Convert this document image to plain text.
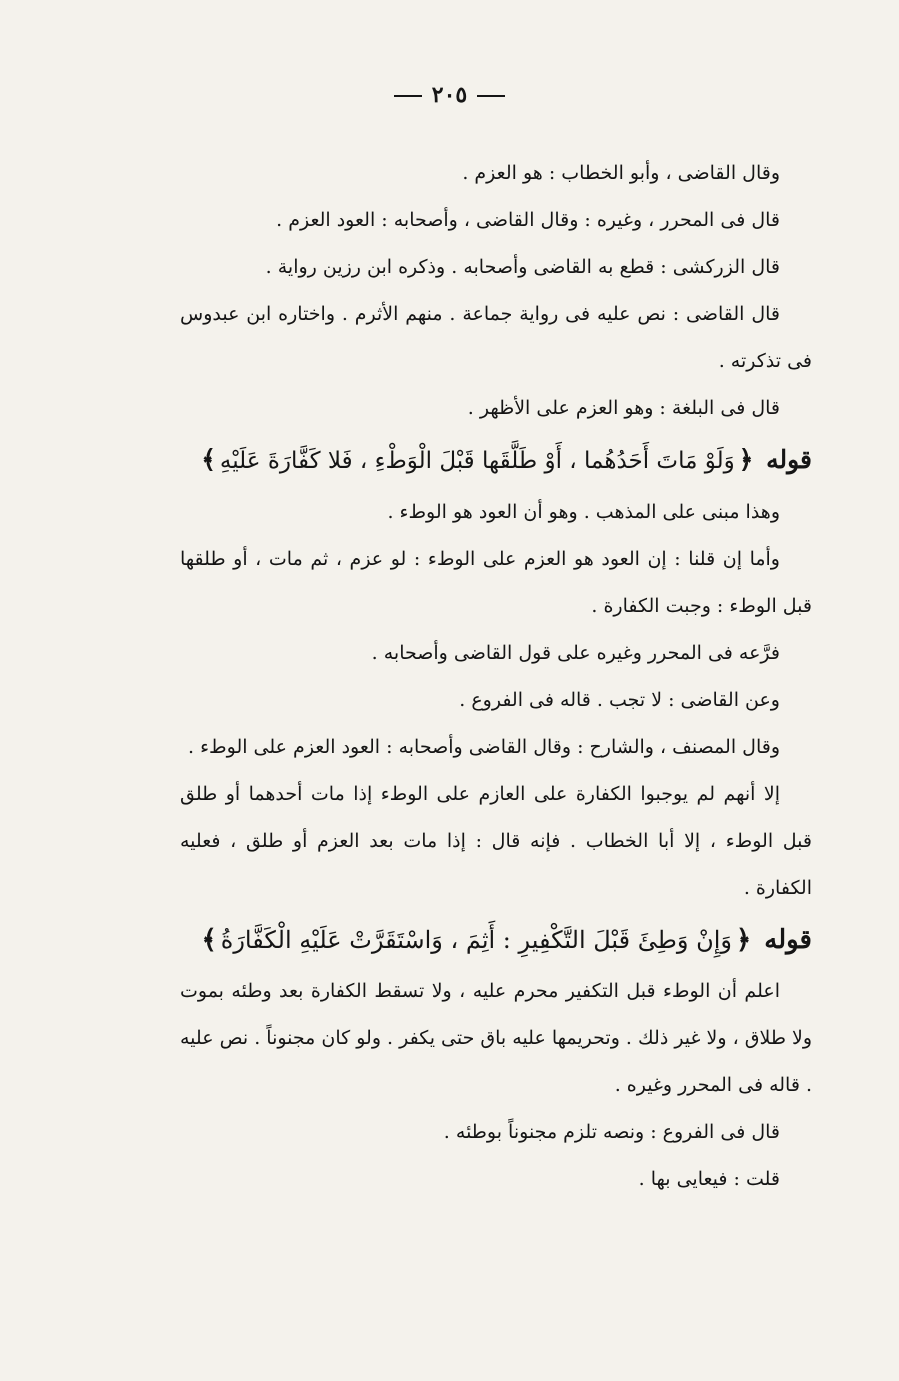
٢٠٥

وقال القاضى ، وأبو الخطاب : هو العزم .

قال فى المحرر ، وغيره : وقال القاضى ، وأصحابه : العود العزم .

قال الزركشى : قطع به القاضى وأصحابه . وذكره ابن رزين رواية .

قال القاضى : نص عليه فى رواية جماعة . منهم الأثرم . واختاره ابن عبدوس فى تذكرته .

قال فى البلغة : وهو العزم على الأظهر .

قوله ﴿وَلَوْ مَاتَ أَحَدُهُما ، أَوْ طَلَّقَها قَبْلَ الْوَطْءِ ، فَلا كَفَّارَةَ عَلَيْهِ﴾

وهذا مبنى على المذهب . وهو أن العود هو الوطء .

وأما إن قلنا : إن العود هو العزم على الوطء : لو عزم ، ثم مات ، أو طلقها قبل الوطء : وجبت الكفارة .

فرَّعه فى المحرر وغيره على قول القاضى وأصحابه .

وعن القاضى : لا تجب . قاله فى الفروع .

وقال المصنف ، والشارح : وقال القاضى وأصحابه : العود العزم على الوطء .

إلا أنهم لم يوجبوا الكفارة على العازم على الوطء إذا مات أحدهما أو طلق قبل الوطء ، إلا أبا الخطاب . فإنه قال : إذا مات بعد العزم أو طلق ، فعليه الكفارة .

قوله ﴿وَإِنْ وَطِئَ قَبْلَ التَّكْفِيرِ : أَثِمَ ، وَاسْتَقَرَّتْ عَلَيْهِ الْكَفَّارَةُ﴾

اعلم أن الوطء قبل التكفير محرم عليه ، ولا تسقط الكفارة بعد وطئه بموت ولا طلاق ، ولا غير ذلك . وتحريمها عليه باق حتى يكفر . ولو كان مجنوناً . نص عليه . قاله فى المحرر وغيره .

قال فى الفروع : ونصه تلزم مجنوناً بوطئه .

قلت : فيعايى بها .
